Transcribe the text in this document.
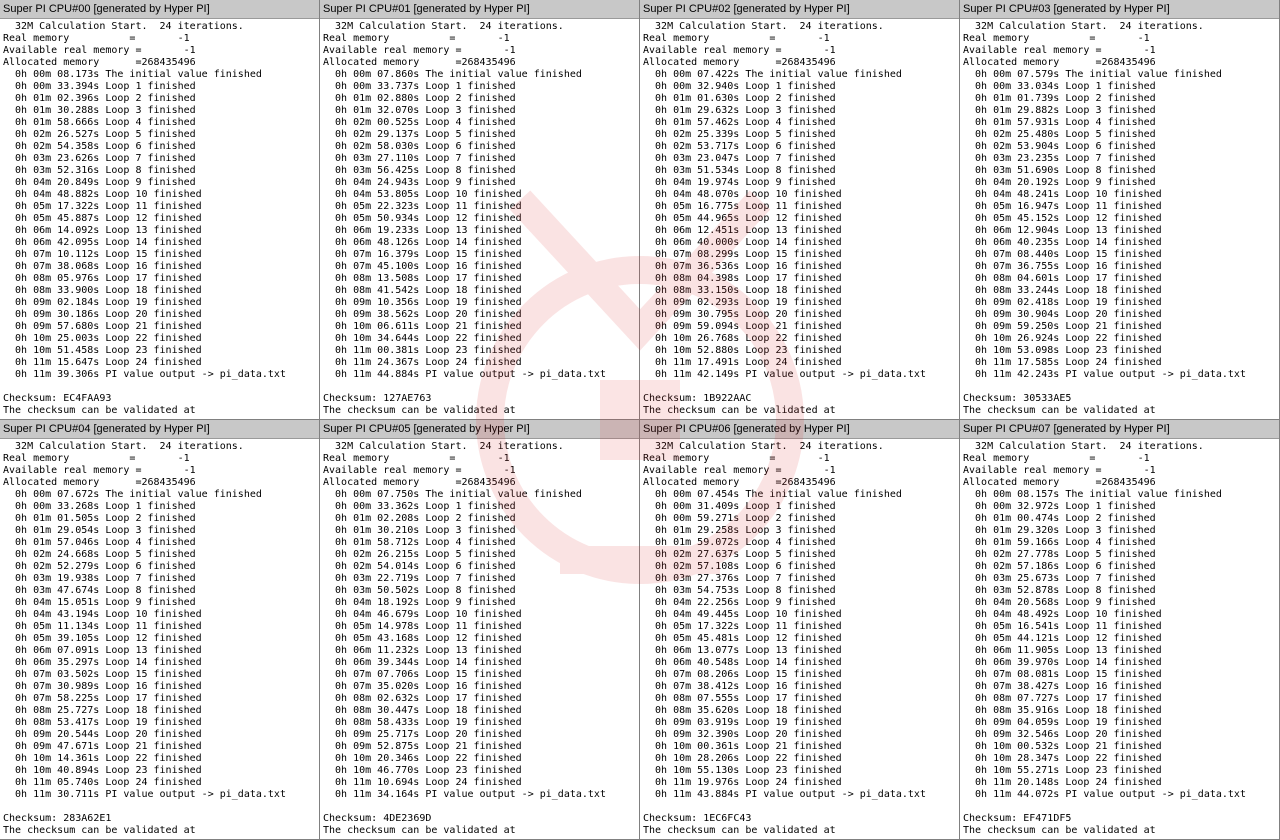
Super PI CPU#00 [generated by Hyper PI]
32M Calculation Start.  24 iterations.
Real memory          =       -1
Available real memory =       -1
Allocated memory      =268435496
0h 00m 08.173s The initial value finished
0h 00m 33.394s Loop 1 finished
0h 01m 02.396s Loop 2 finished
0h 01m 30.288s Loop 3 finished
0h 01m 58.666s Loop 4 finished
0h 02m 26.527s Loop 5 finished
0h 02m 54.358s Loop 6 finished
0h 03m 23.626s Loop 7 finished
0h 03m 52.316s Loop 8 finished
0h 04m 20.849s Loop 9 finished
0h 04m 48.882s Loop 10 finished
0h 05m 17.322s Loop 11 finished
0h 05m 45.887s Loop 12 finished
0h 06m 14.092s Loop 13 finished
0h 06m 42.095s Loop 14 finished
0h 07m 10.112s Loop 15 finished
0h 07m 38.068s Loop 16 finished
0h 08m 05.976s Loop 17 finished
0h 08m 33.900s Loop 18 finished
0h 09m 02.184s Loop 19 finished
0h 09m 30.186s Loop 20 finished
0h 09m 57.680s Loop 21 finished
0h 10m 25.003s Loop 22 finished
0h 10m 51.458s Loop 23 finished
0h 11m 15.647s Loop 24 finished
0h 11m 39.306s PI value output -> pi_data.txt
Checksum: EC4FAA93
The checksum can be validated at
Super PI CPU#01 [generated by Hyper PI]
32M Calculation Start.  24 iterations.
Real memory          =       -1
Available real memory =       -1
Allocated memory      =268435496
0h 00m 07.860s The initial value finished
0h 00m 33.737s Loop 1 finished
0h 01m 02.880s Loop 2 finished
0h 01m 32.070s Loop 3 finished
0h 02m 00.525s Loop 4 finished
0h 02m 29.137s Loop 5 finished
0h 02m 58.030s Loop 6 finished
0h 03m 27.110s Loop 7 finished
0h 03m 56.425s Loop 8 finished
0h 04m 24.943s Loop 9 finished
0h 04m 53.805s Loop 10 finished
0h 05m 22.323s Loop 11 finished
0h 05m 50.934s Loop 12 finished
0h 06m 19.233s Loop 13 finished
0h 06m 48.126s Loop 14 finished
0h 07m 16.379s Loop 15 finished
0h 07m 45.100s Loop 16 finished
0h 08m 13.508s Loop 17 finished
0h 08m 41.542s Loop 18 finished
0h 09m 10.356s Loop 19 finished
0h 09m 38.562s Loop 20 finished
0h 10m 06.611s Loop 21 finished
0h 10m 34.644s Loop 22 finished
0h 11m 00.381s Loop 23 finished
0h 11m 24.367s Loop 24 finished
0h 11m 44.884s PI value output -> pi_data.txt
Checksum: 127AE763
The checksum can be validated at
Super PI CPU#02 [generated by Hyper PI]
32M Calculation Start.  24 iterations.
Real memory          =       -1
Available real memory =       -1
Allocated memory      =268435496
0h 00m 07.422s The initial value finished
0h 00m 32.940s Loop 1 finished
0h 01m 01.630s Loop 2 finished
0h 01m 29.632s Loop 3 finished
0h 01m 57.462s Loop 4 finished
0h 02m 25.339s Loop 5 finished
0h 02m 53.717s Loop 6 finished
0h 03m 23.047s Loop 7 finished
0h 03m 51.534s Loop 8 finished
0h 04m 19.974s Loop 9 finished
0h 04m 48.070s Loop 10 finished
0h 05m 16.775s Loop 11 finished
0h 05m 44.965s Loop 12 finished
0h 06m 12.451s Loop 13 finished
0h 06m 40.000s Loop 14 finished
0h 07m 08.299s Loop 15 finished
0h 07m 36.536s Loop 16 finished
0h 08m 04.398s Loop 17 finished
0h 08m 33.150s Loop 18 finished
0h 09m 02.293s Loop 19 finished
0h 09m 30.795s Loop 20 finished
0h 09m 59.094s Loop 21 finished
0h 10m 26.768s Loop 22 finished
0h 10m 52.880s Loop 23 finished
0h 11m 17.491s Loop 24 finished
0h 11m 42.149s PI value output -> pi_data.txt
Checksum: 1B922AAC
The checksum can be validated at
Super PI CPU#03 [generated by Hyper PI]
32M Calculation Start.  24 iterations.
Real memory          =       -1
Available real memory =       -1
Allocated memory      =268435496
0h 00m 07.579s The initial value finished
0h 00m 33.034s Loop 1 finished
0h 01m 01.739s Loop 2 finished
0h 01m 29.882s Loop 3 finished
0h 01m 57.931s Loop 4 finished
0h 02m 25.480s Loop 5 finished
0h 02m 53.904s Loop 6 finished
0h 03m 23.235s Loop 7 finished
0h 03m 51.690s Loop 8 finished
0h 04m 20.192s Loop 9 finished
0h 04m 48.241s Loop 10 finished
0h 05m 16.947s Loop 11 finished
0h 05m 45.152s Loop 12 finished
0h 06m 12.904s Loop 13 finished
0h 06m 40.235s Loop 14 finished
0h 07m 08.440s Loop 15 finished
0h 07m 36.755s Loop 16 finished
0h 08m 04.601s Loop 17 finished
0h 08m 33.244s Loop 18 finished
0h 09m 02.418s Loop 19 finished
0h 09m 30.904s Loop 20 finished
0h 09m 59.250s Loop 21 finished
0h 10m 26.924s Loop 22 finished
0h 10m 53.098s Loop 23 finished
0h 11m 17.585s Loop 24 finished
0h 11m 42.243s PI value output -> pi_data.txt
Checksum: 30533AE5
The checksum can be validated at
Super PI CPU#04 [generated by Hyper PI]
32M Calculation Start.  24 iterations.
Real memory          =       -1
Available real memory =       -1
Allocated memory      =268435496
0h 00m 07.672s The initial value finished
0h 00m 33.268s Loop 1 finished
0h 01m 01.505s Loop 2 finished
0h 01m 29.054s Loop 3 finished
0h 01m 57.046s Loop 4 finished
0h 02m 24.668s Loop 5 finished
0h 02m 52.279s Loop 6 finished
0h 03m 19.938s Loop 7 finished
0h 03m 47.674s Loop 8 finished
0h 04m 15.051s Loop 9 finished
0h 04m 43.194s Loop 10 finished
0h 05m 11.134s Loop 11 finished
0h 05m 39.105s Loop 12 finished
0h 06m 07.091s Loop 13 finished
0h 06m 35.297s Loop 14 finished
0h 07m 03.502s Loop 15 finished
0h 07m 30.989s Loop 16 finished
0h 07m 58.225s Loop 17 finished
0h 08m 25.727s Loop 18 finished
0h 08m 53.417s Loop 19 finished
0h 09m 20.544s Loop 20 finished
0h 09m 47.671s Loop 21 finished
0h 10m 14.361s Loop 22 finished
0h 10m 40.894s Loop 23 finished
0h 11m 05.740s Loop 24 finished
0h 11m 30.711s PI value output -> pi_data.txt
Checksum: 283A62E1
The checksum can be validated at
Super PI CPU#05 [generated by Hyper PI]
32M Calculation Start.  24 iterations.
Real memory          =       -1
Available real memory =       -1
Allocated memory      =268435496
0h 00m 07.750s The initial value finished
0h 00m 33.362s Loop 1 finished
0h 01m 02.208s Loop 2 finished
0h 01m 30.210s Loop 3 finished
0h 01m 58.712s Loop 4 finished
0h 02m 26.215s Loop 5 finished
0h 02m 54.014s Loop 6 finished
0h 03m 22.719s Loop 7 finished
0h 03m 50.502s Loop 8 finished
0h 04m 18.192s Loop 9 finished
0h 04m 46.679s Loop 10 finished
0h 05m 14.978s Loop 11 finished
0h 05m 43.168s Loop 12 finished
0h 06m 11.232s Loop 13 finished
0h 06m 39.344s Loop 14 finished
0h 07m 07.706s Loop 15 finished
0h 07m 35.020s Loop 16 finished
0h 08m 02.632s Loop 17 finished
0h 08m 30.447s Loop 18 finished
0h 08m 58.433s Loop 19 finished
0h 09m 25.717s Loop 20 finished
0h 09m 52.875s Loop 21 finished
0h 10m 20.346s Loop 22 finished
0h 10m 46.770s Loop 23 finished
0h 11m 10.694s Loop 24 finished
0h 11m 34.164s PI value output -> pi_data.txt
Checksum: 4DE2369D
The checksum can be validated at
Super PI CPU#06 [generated by Hyper PI]
32M Calculation Start.  24 iterations.
Real memory          =       -1
Available real memory =       -1
Allocated memory      =268435496
0h 00m 07.454s The initial value finished
0h 00m 31.409s Loop 1 finished
0h 00m 59.271s Loop 2 finished
0h 01m 29.258s Loop 3 finished
0h 01m 59.072s Loop 4 finished
0h 02m 27.637s Loop 5 finished
0h 02m 57.108s Loop 6 finished
0h 03m 27.376s Loop 7 finished
0h 03m 54.753s Loop 8 finished
0h 04m 22.256s Loop 9 finished
0h 04m 49.445s Loop 10 finished
0h 05m 17.322s Loop 11 finished
0h 05m 45.481s Loop 12 finished
0h 06m 13.077s Loop 13 finished
0h 06m 40.548s Loop 14 finished
0h 07m 08.206s Loop 15 finished
0h 07m 38.412s Loop 16 finished
0h 08m 07.555s Loop 17 finished
0h 08m 35.620s Loop 18 finished
0h 09m 03.919s Loop 19 finished
0h 09m 32.390s Loop 20 finished
0h 10m 00.361s Loop 21 finished
0h 10m 28.206s Loop 22 finished
0h 10m 55.130s Loop 23 finished
0h 11m 19.976s Loop 24 finished
0h 11m 43.884s PI value output -> pi_data.txt
Checksum: 1EC6FC43
The checksum can be validated at
Super PI CPU#07 [generated by Hyper PI]
32M Calculation Start.  24 iterations.
Real memory          =       -1
Available real memory =       -1
Allocated memory      =268435496
0h 00m 08.157s The initial value finished
0h 00m 32.972s Loop 1 finished
0h 01m 00.474s Loop 2 finished
0h 01m 29.320s Loop 3 finished
0h 01m 59.166s Loop 4 finished
0h 02m 27.778s Loop 5 finished
0h 02m 57.186s Loop 6 finished
0h 03m 25.673s Loop 7 finished
0h 03m 52.878s Loop 8 finished
0h 04m 20.568s Loop 9 finished
0h 04m 48.492s Loop 10 finished
0h 05m 16.541s Loop 11 finished
0h 05m 44.121s Loop 12 finished
0h 06m 11.905s Loop 13 finished
0h 06m 39.970s Loop 14 finished
0h 07m 08.081s Loop 15 finished
0h 07m 38.427s Loop 16 finished
0h 08m 07.727s Loop 17 finished
0h 08m 35.916s Loop 18 finished
0h 09m 04.059s Loop 19 finished
0h 09m 32.546s Loop 20 finished
0h 10m 00.532s Loop 21 finished
0h 10m 28.347s Loop 22 finished
0h 10m 55.271s Loop 23 finished
0h 11m 20.148s Loop 24 finished
0h 11m 44.072s PI value output -> pi_data.txt
Checksum: EF471DF5
The checksum can be validated at
